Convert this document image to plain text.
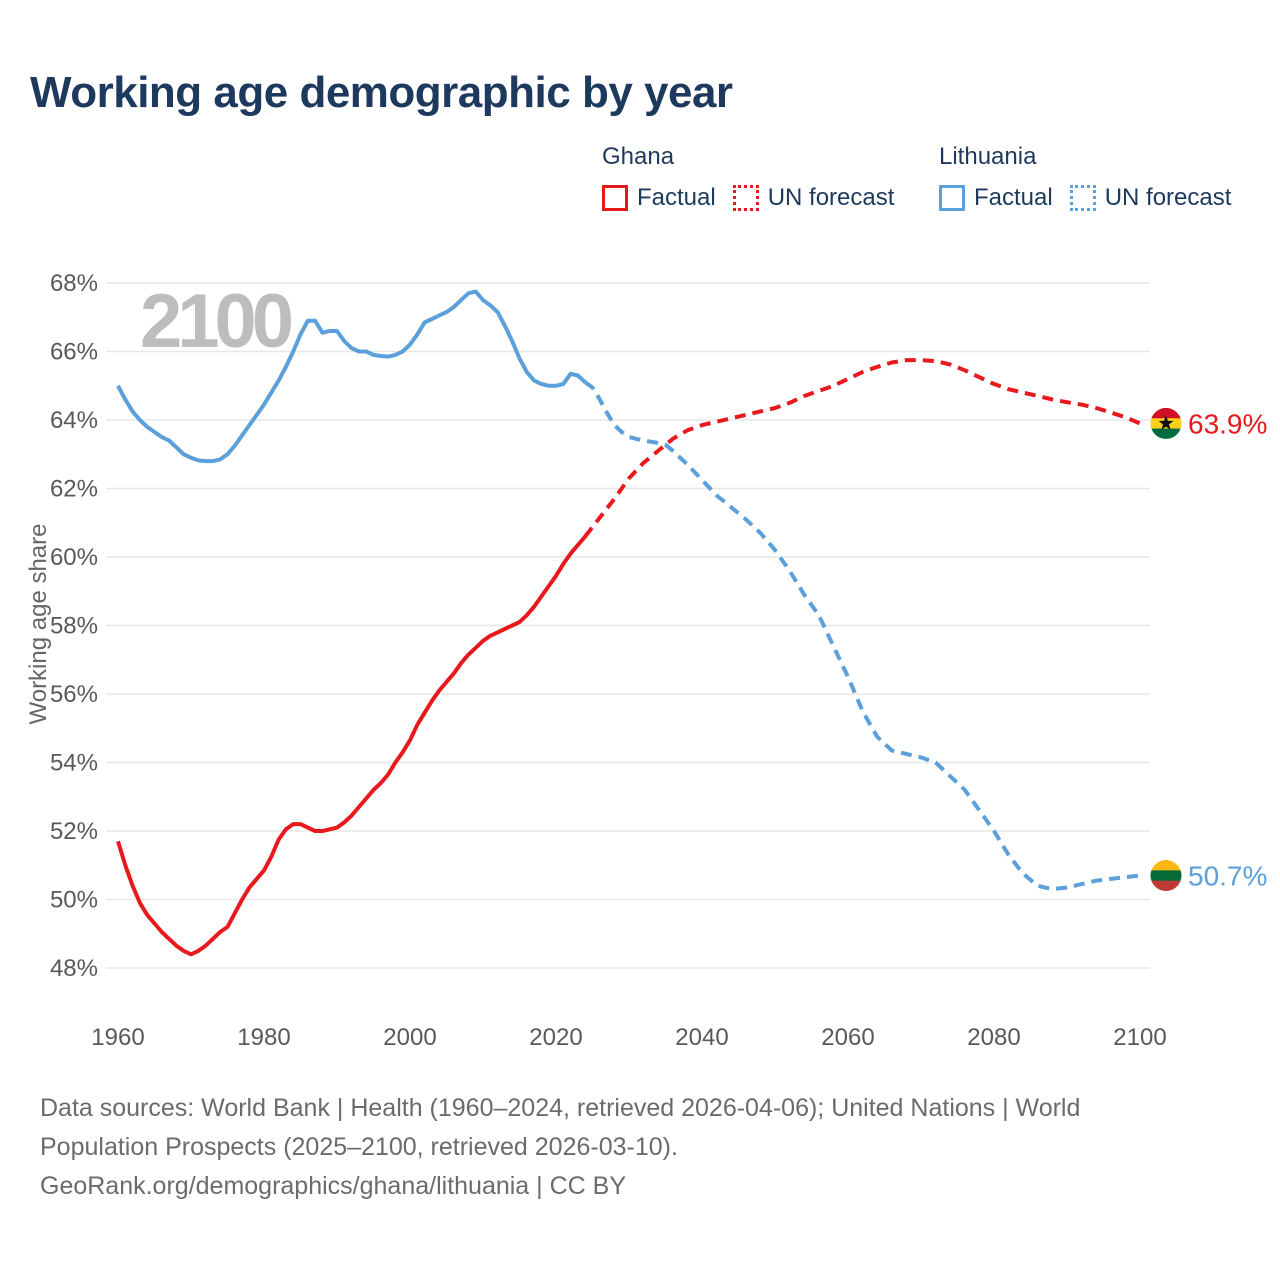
Working age demographic by year
Ghana
Factual UN forecast
Lithuania
Factual UN forecast
2100
Working age share
68%
66%
64%
62%
60%
58%
56%
54%
52%
50%
48%
1960	1980	2000	2020	2040	2060	2080	2100
63.9%
50.7%
Data sources: World Bank | Health (1960–2024, retrieved 2026-04-06); United Nations | World
Population Prospects (2025–2100, retrieved 2026-03-10).
GeoRank.org/demographics/ghana/lithuania | CC BY
